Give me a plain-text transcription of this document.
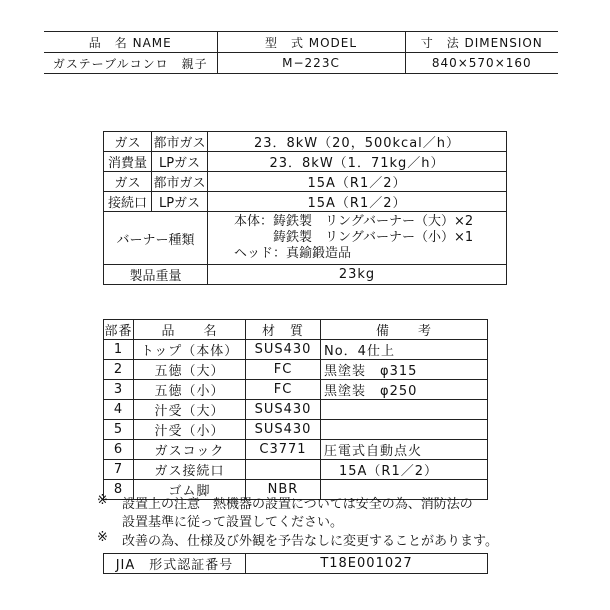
品　名 NAME	型　式 MODEL	寸　法 DIMENSION
ガステーブルコンロ　親子	M−223C	840×570×160
ガス	都市ガス	23．8kW（20，500kcal／h）
消費量	LPガス	23．8kW（1．71kg／h）
ガス	都市ガス	15A（R1／2）
接続口	LPガス	15A（R1／2）
バーナー種類		本体：鋳鉄製　リングバーナー（大）×2
　　　鋳鉄製　リングバーナー（小）×1
ヘッド：真鍮鍛造品

製品重量		23kg
部番	品　　名	材　質	備　　考
1	トップ（本体）	SUS430	No．4仕上
2	五徳（大）	FC	黒塗装　φ315
3	五徳（小）	FC	黒塗装　φ250
4	汁受（大）	SUS430	
5	汁受（小）	SUS430	
6	ガスコック	C3771	圧電式自動点火
7	ガス接続口		15A（R1／2）
8	ゴム脚	NBR	
※ 設置上の注意　熱機器の設置については安全の為、消防法の
設置基準に従って設置してください。
※ 改善の為、仕様及び外観を予告なしに変更することがあります。
JIA　形式認証番号	T18E001027
